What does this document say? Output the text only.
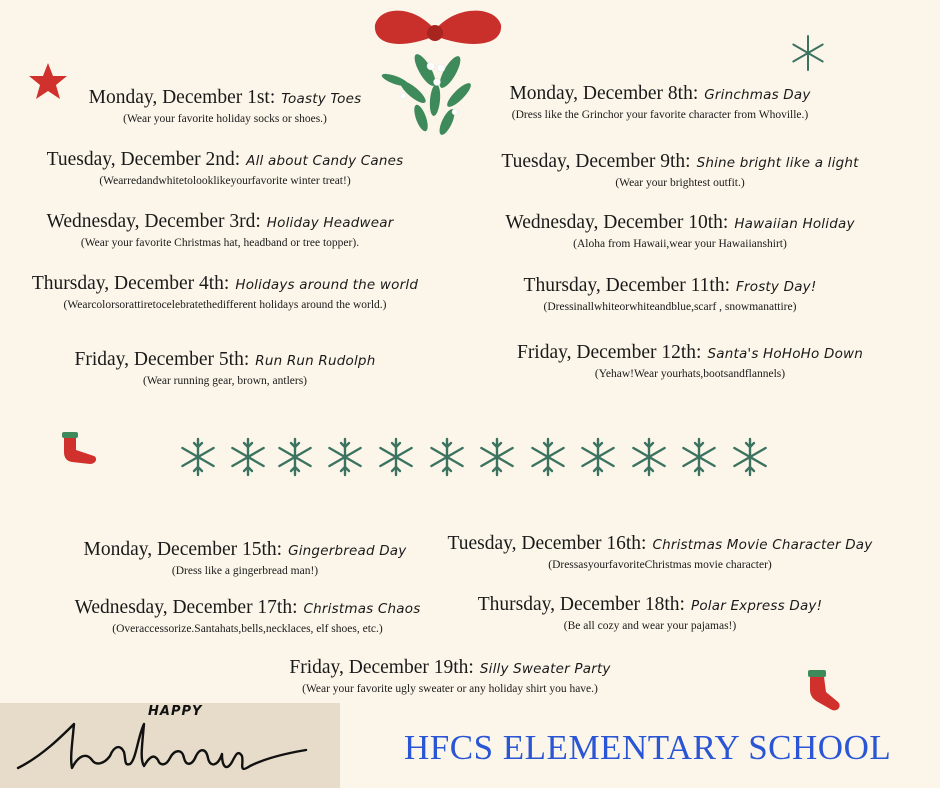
Monday, December 1st: Toasty Toes
(Wear your favorite holiday socks or shoes.)
Tuesday, December 2nd: All about Candy Canes
(Wearredandwhitetolooklikeyourfavorite winter treat!)
Wednesday, December 3rd: Holiday Headwear
(Wear your favorite Christmas hat, headband or tree topper).
Thursday, December 4th: Holidays around the world
(Wearcolorsorattiretocelebratethedifferent holidays around the world.)
Friday, December 5th: Run Run Rudolph
(Wear running gear, brown, antlers)
Monday, December 8th: Grinchmas Day
(Dress like the Grinchor your favorite character from Whoville.)
Tuesday, December 9th: Shine bright like a light
(Wear your brightest outfit.)
Wednesday, December 10th: Hawaiian Holiday
(Aloha from Hawaii,wear your Hawaiianshirt)
Thursday, December 11th: Frosty Day!
(Dressinallwhiteorwhiteandblue,scarf , snowmanattire)
Friday, December 12th: Santa's HoHoHo Down
(Yehaw!Wear yourhats,bootsandflannels)
Monday, December 15th: Gingerbread Day
(Dress like a gingerbread man!)
Tuesday, December 16th: Christmas Movie Character Day
(DressasyourfavoriteChristmas movie character)
Wednesday, December 17th: Christmas Chaos
(Overaccessorize.Santahats,bells,necklaces, elf shoes, etc.)
Thursday, December 18th: Polar Express Day!
(Be all cozy and wear your pajamas!)
Friday, December 19th: Silly Sweater Party
(Wear your favorite ugly sweater or any holiday shirt you have.)
HAPPY
HFCS ELEMENTARY SCHOOL
